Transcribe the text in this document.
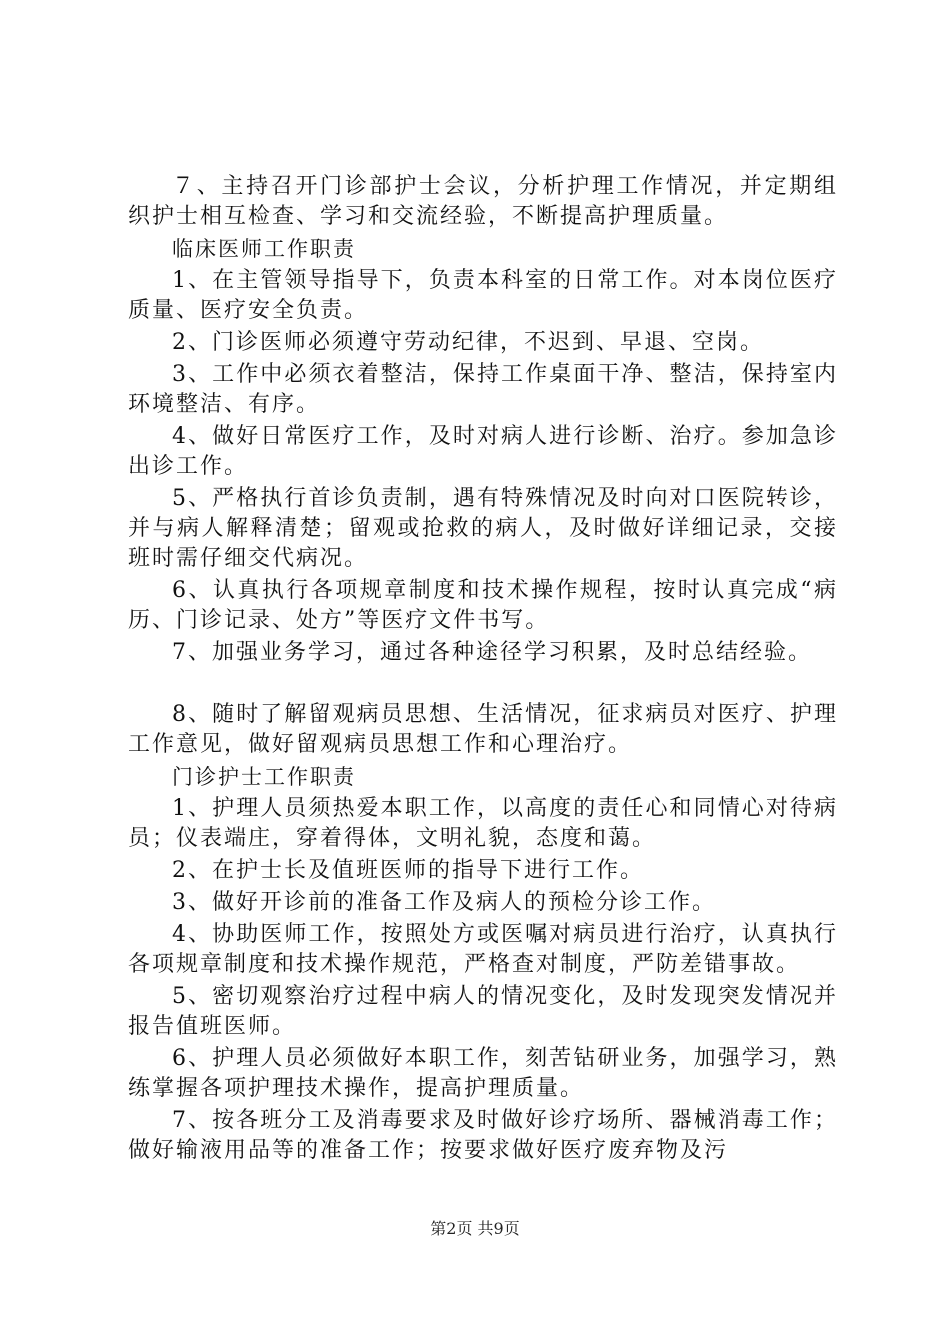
７、主持召开门诊部护士会议，分析护理工作情况，并定期组织护士相互检查、学习和交流经验，不断提高护理质量。

临床医师工作职责

1、在主管领导指导下，负责本科室的日常工作。对本岗位医疗质量、医疗安全负责。

2、门诊医师必须遵守劳动纪律，不迟到、早退、空岗。

3、工作中必须衣着整洁，保持工作桌面干净、整洁，保持室内环境整洁、有序。

4、做好日常医疗工作，及时对病人进行诊断、治疗。参加急诊出诊工作。

5、严格执行首诊负责制，遇有特殊情况及时向对口医院转诊，并与病人解释清楚；留观或抢救的病人，及时做好详细记录，交接班时需仔细交代病况。

6、认真执行各项规章制度和技术操作规程，按时认真完成“病历、门诊记录、处方”等医疗文件书写。

7、加强业务学习，通过各种途径学习积累，及时总结经验。

8、随时了解留观病员思想、生活情况，征求病员对医疗、护理工作意见，做好留观病员思想工作和心理治疗。

门诊护士工作职责

1、护理人员须热爱本职工作，以高度的责任心和同情心对待病员；仪表端庄，穿着得体，文明礼貌，态度和蔼。

2、在护士长及值班医师的指导下进行工作。

3、做好开诊前的准备工作及病人的预检分诊工作。

4、协助医师工作，按照处方或医嘱对病员进行治疗，认真执行各项规章制度和技术操作规范，严格查对制度，严防差错事故。

5、密切观察治疗过程中病人的情况变化，及时发现突发情况并报告值班医师。

6、护理人员必须做好本职工作，刻苦钻研业务，加强学习，熟练掌握各项护理技术操作，提高护理质量。

7、按各班分工及消毒要求及时做好诊疗场所、器械消毒工作；做好输液用品等的准备工作；按要求做好医疗废弃物及污

第2页 共9页
